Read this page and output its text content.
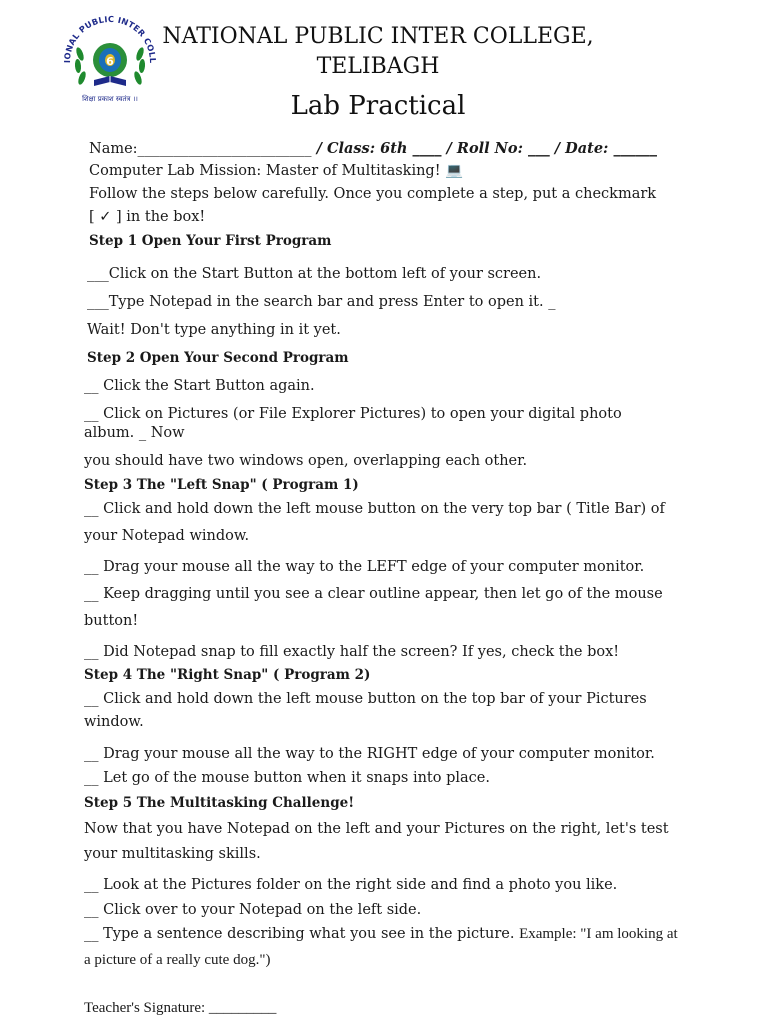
IONAL PUBLIC INTER COLL
6
शिक्षा प्रकाश स्वतंत्र ।।
NATIONAL PUBLIC INTER COLLEGE,
TELIBAGH
Lab Practical
Name:________________________ / Class: 6th ____ / Roll No: ___ / Date: ______
Computer Lab Mission: Master of Multitasking! 💻
Follow the steps below carefully. Once you complete a step, put a checkmark
[ ✓ ] in the box!
Step 1 Open Your First Program
___Click on the Start Button at the bottom left of your screen.
___Type Notepad in the search bar and press Enter to open it. _
Wait! Don't type anything in it yet.
Step 2 Open Your Second Program
__ Click the Start Button again.
__ Click on Pictures (or File Explorer Pictures) to open your digital photo
album. _ Now
you should have two windows open, overlapping each other.
Step 3 The "Left Snap" ( Program 1)
__ Click and hold down the left mouse button on the very top bar ( Title Bar) of
your Notepad window.
__ Drag your mouse all the way to the LEFT edge of your computer monitor.
__ Keep dragging until you see a clear outline appear, then let go of the mouse
button!
__ Did Notepad snap to fill exactly half the screen? If yes, check the box!
Step 4 The "Right Snap" ( Program 2)
__ Click and hold down the left mouse button on the top bar of your Pictures
window.
__ Drag your mouse all the way to the RIGHT edge of your computer monitor.
__ Let go of the mouse button when it snaps into place.
Step 5 The Multitasking Challenge!
Now that you have Notepad on the left and your Pictures on the right, let's test
your multitasking skills.
__ Look at the Pictures folder on the right side and find a photo you like.
__ Click over to your Notepad on the left side.
__ Type a sentence describing what you see in the picture. Example: "I am looking at
a picture of a really cute dog.")
Teacher's Signature: _________
